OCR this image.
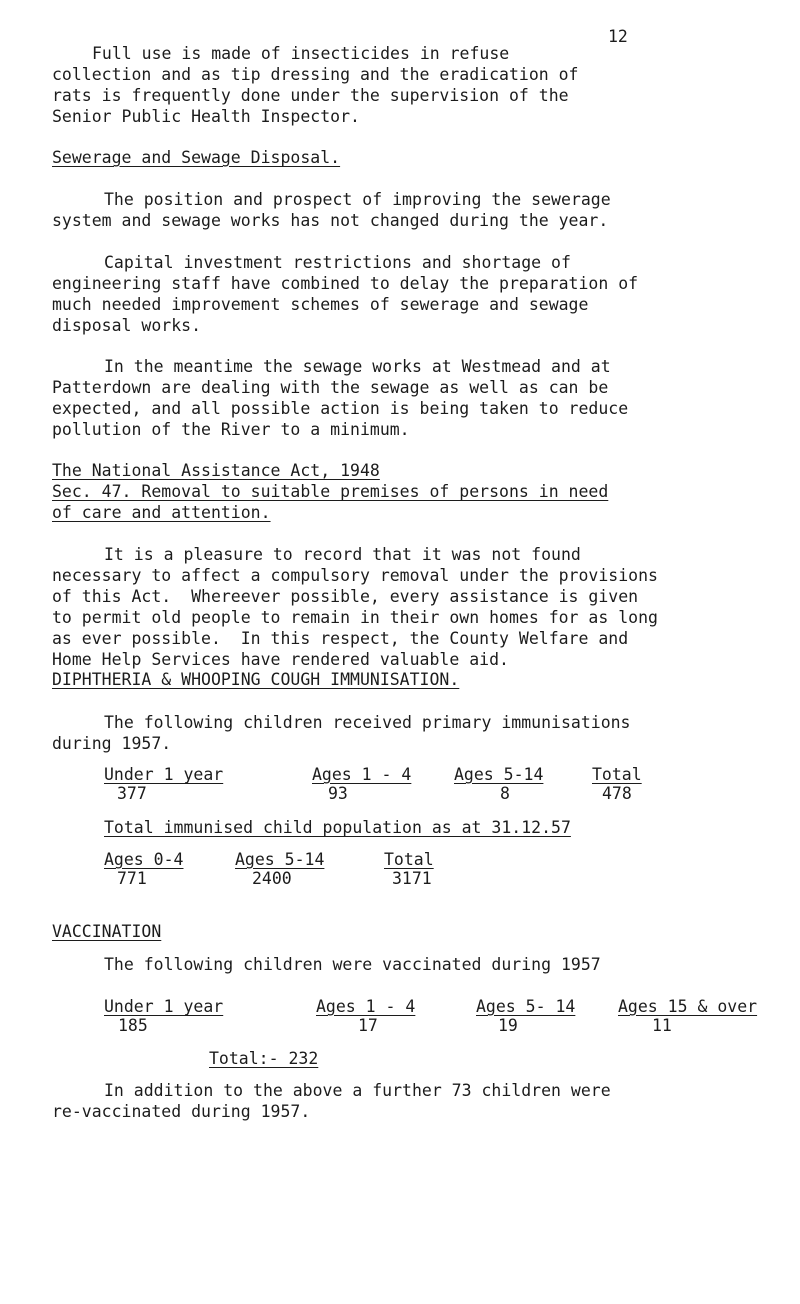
12
Full use is made of insecticides in refuse
collection and as tip dressing and the eradication of
rats is frequently done under the supervision of the
Senior Public Health Inspector.
Sewerage and Sewage Disposal.
The position and prospect of improving the sewerage
system and sewage works has not changed during the year.
Capital investment restrictions and shortage of
engineering staff have combined to delay the preparation of
much needed improvement schemes of sewerage and sewage
disposal works.
In the meantime the sewage works at Westmead and at
Patterdown are dealing with the sewage as well as can be
expected, and all possible action is being taken to reduce
pollution of the River to a minimum.
The National Assistance Act, 1948
Sec. 47. Removal to suitable premises of persons in need
of care and attention.
It is a pleasure to record that it was not found
necessary to affect a compulsory removal under the provisions
of this Act.  Whereever possible, every assistance is given
to permit old people to remain in their own homes for as long
as ever possible.  In this respect, the County Welfare and
Home Help Services have rendered valuable aid.
DIPHTHERIA & WHOOPING COUGH IMMUNISATION.
The following children received primary immunisations
during 1957.
Under 1 year	Ages 1 - 4	Ages 5-14	Total
377	93	8	478
Total immunised child population as at 31.12.57
Ages 0-4	Ages 5-14	Total
771	2400	3171
VACCINATION
The following children were vaccinated during 1957
Under 1 year	Ages 1 - 4	Ages 5- 14	Ages 15 & over
185	17	19	11
Total:- 232
In addition to the above a further 73 children were
re-vaccinated during 1957.
